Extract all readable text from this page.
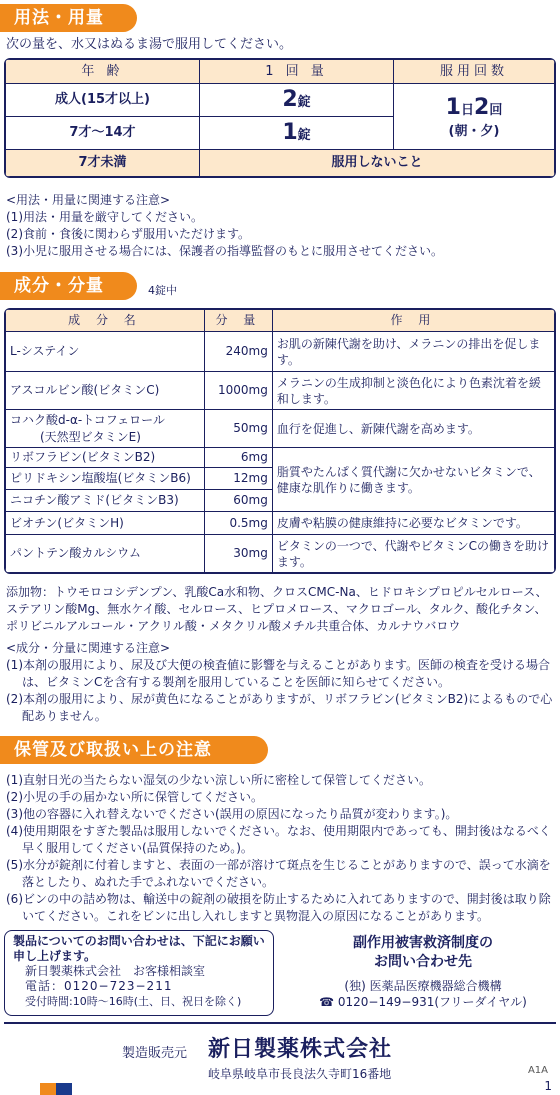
用法・用量
次の量を、水又はぬるま湯で服用してください。
年 齢	1 回 量	服用回数
成人(15才以上)	2錠	1日2回
(朝・夕)

7才〜14才	1錠	
7才未満	服用しないこと	
<用法・用量に関連する注意>
(1)用法・用量を厳守してください。
(2)食前・食後に関わらず服用いただけます。
(3)小児に服用させる場合には、保護者の指導監督のもとに服用させてください。
成分・分量	4錠中
成 分 名	分 量	作 用
L-システイン	240mg	お肌の新陳代謝を助け、メラニンの排出を促します。
アスコルビン酸(ビタミンC)	1000mg	メラニンの生成抑制と淡色化により色素沈着を緩和します。

コハク酸d-α-トコフェロール
(天然型ビタミンE)	50mg	血行を促進し、新陳代謝を高めます。
リボフラビン(ビタミンB2)	6mg	脂質やたんぱく質代謝に欠かせないビタミンで、健康な肌作りに働きます。
ピリドキシン塩酸塩(ビタミンB6)	12mg	
ニコチン酸アミド(ビタミンB3)	60mg	
ビオチン(ビタミンH)	0.5mg	皮膚や粘膜の健康維持に必要なビタミンです。
パントテン酸カルシウム	30mg	ビタミンの一つで、代謝やビタミンCの働きを助けます。
添加物：トウモロコシデンプン、乳酸Ca水和物、クロスCMC-Na、ヒドロキシプロピルセルロース、ステアリン酸Mg、無水ケイ酸、セルロース、ヒプロメロース、マクロゴール、タルク、酸化チタン、ポリビニルアルコール・アクリル酸・メタクリル酸メチル共重合体、カルナウバロウ
<成分・分量に関連する注意>
(1)本剤の服用により、尿及び大便の検査値に影響を与えることがあります。医師の検査を受ける場合は、ビタミンCを含有する製剤を服用していることを医師に知らせてください。
(2)本剤の服用により、尿が黄色になることがありますが、リボフラビン(ビタミンB2)によるもので心配ありません。
保管及び取扱い上の注意
(1)直射日光の当たらない湿気の少ない涼しい所に密栓して保管してください。
(2)小児の手の届かない所に保管してください。
(3)他の容器に入れ替えないでください(誤用の原因になったり品質が変わります。)。
(4)使用期限をすぎた製品は服用しないでください。なお、使用期限内であっても、開封後はなるべく早く服用してください(品質保持のため。)。
(5)水分が錠剤に付着しますと、表面の一部が溶けて斑点を生じることがありますので、誤って水滴を落としたり、ぬれた手でふれないでください。
(6)ビンの中の詰め物は、輸送中の錠剤の破損を防止するために入れてありますので、開封後は取り除いてください。これをビンに出し入れしますと異物混入の原因になることがあります。
製品についてのお問い合わせは、下記にお願い申し上げます。
新日製薬株式会社　お客様相談室
電話：0120−723−211
受付時間:10時〜16時(土、日、祝日を除く)
副作用被害救済制度の
お問い合わせ先
(独) 医薬品医療機器総合機構
☎ 0120−149−931(フリーダイヤル)
製造販売元 新日製薬株式会社
岐阜県岐阜市長良法久寺町16番地	A1A
1
